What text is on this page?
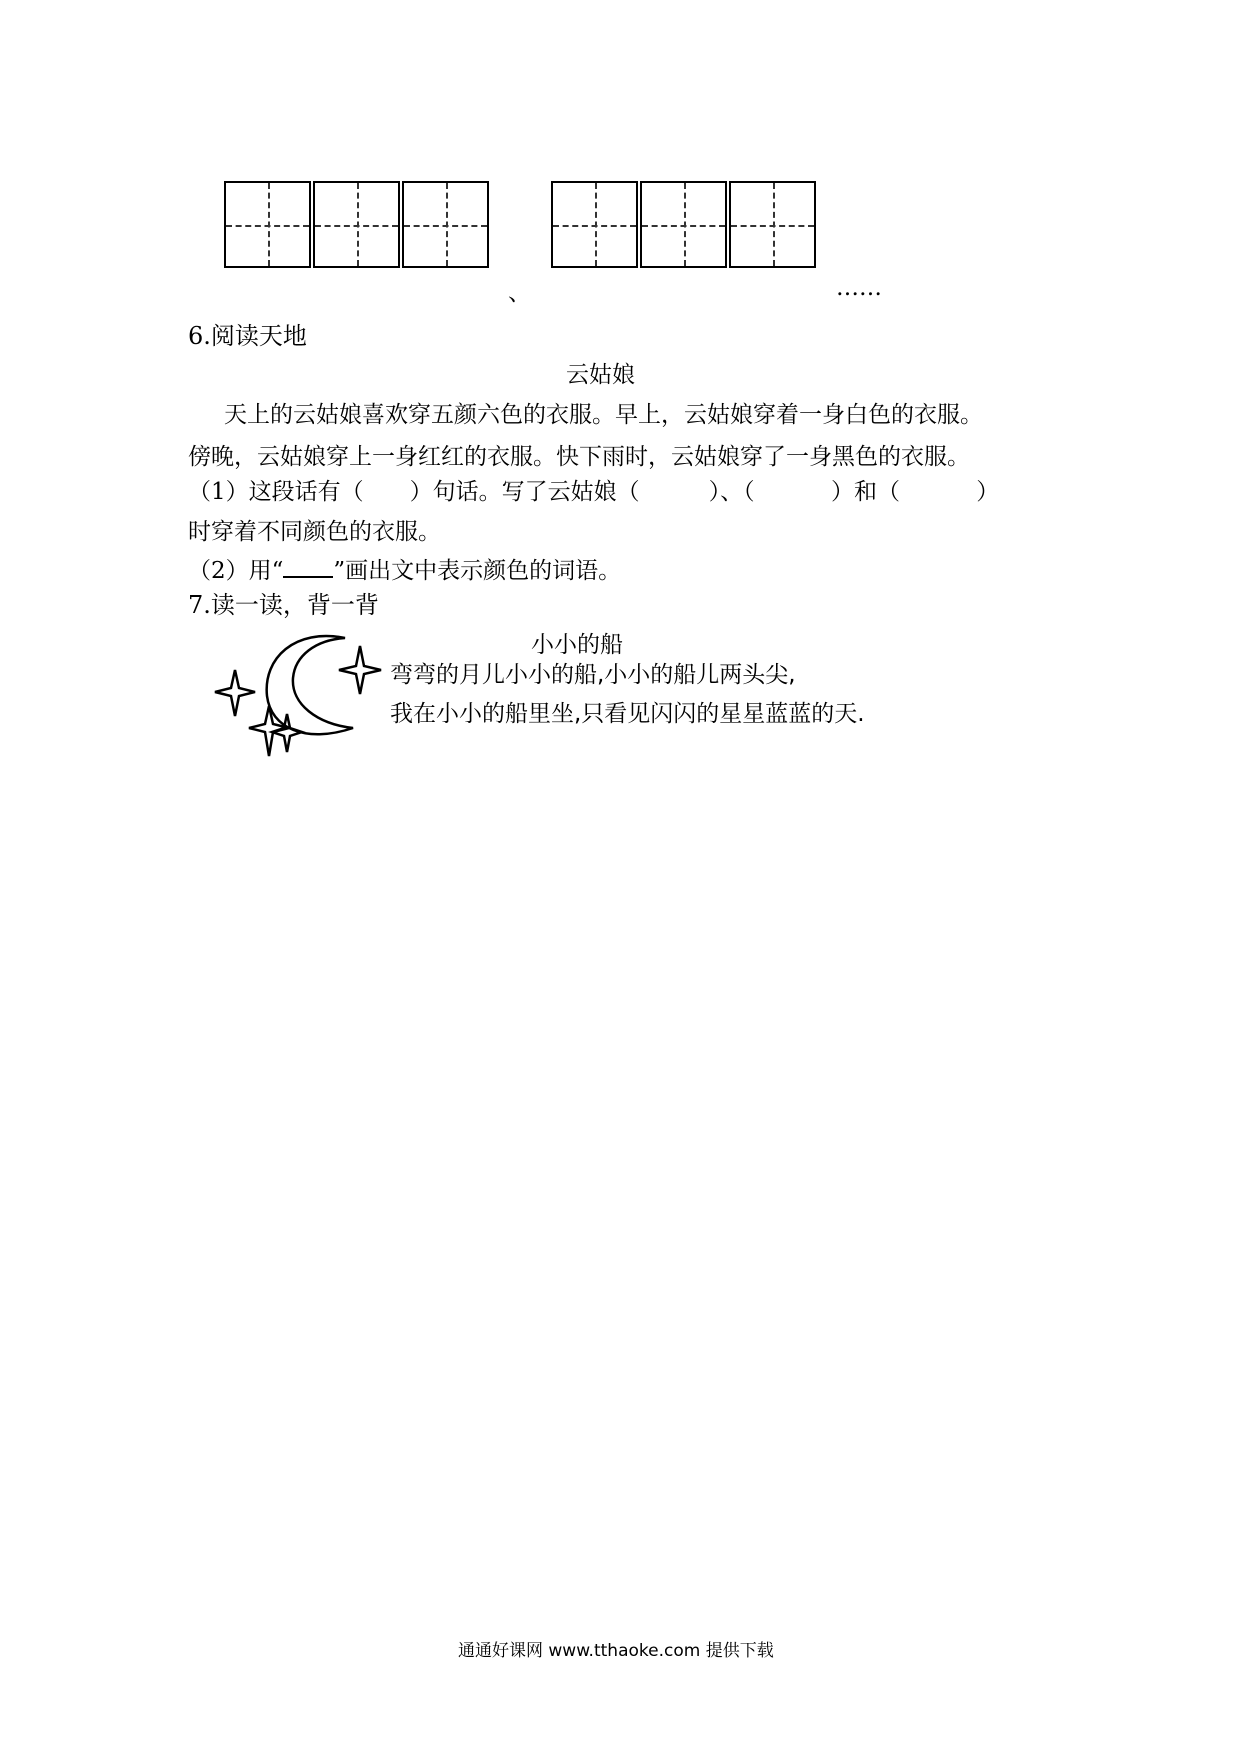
、	……
6.阅读天地
云姑娘
天上的云姑娘喜欢穿五颜六色的衣服。早上，云姑娘穿着一身白色的衣服。
傍晚，云姑娘穿上一身红红的衣服。快下雨时，云姑娘穿了一身黑色的衣服。
（1）这段话有（　　）句话。写了云姑娘（　　　）、（　　　 ）和（　　　 ）
时穿着不同颜色的衣服。
（2）用“ ”画出文中表示颜色的词语。
7.读一读，背一背
小小的船
弯弯的月儿小小的船,小小的船儿两头尖,
我在小小的船里坐,只看见闪闪的星星蓝蓝的天.
通通好课网 www.tthaoke.com 提供下载
